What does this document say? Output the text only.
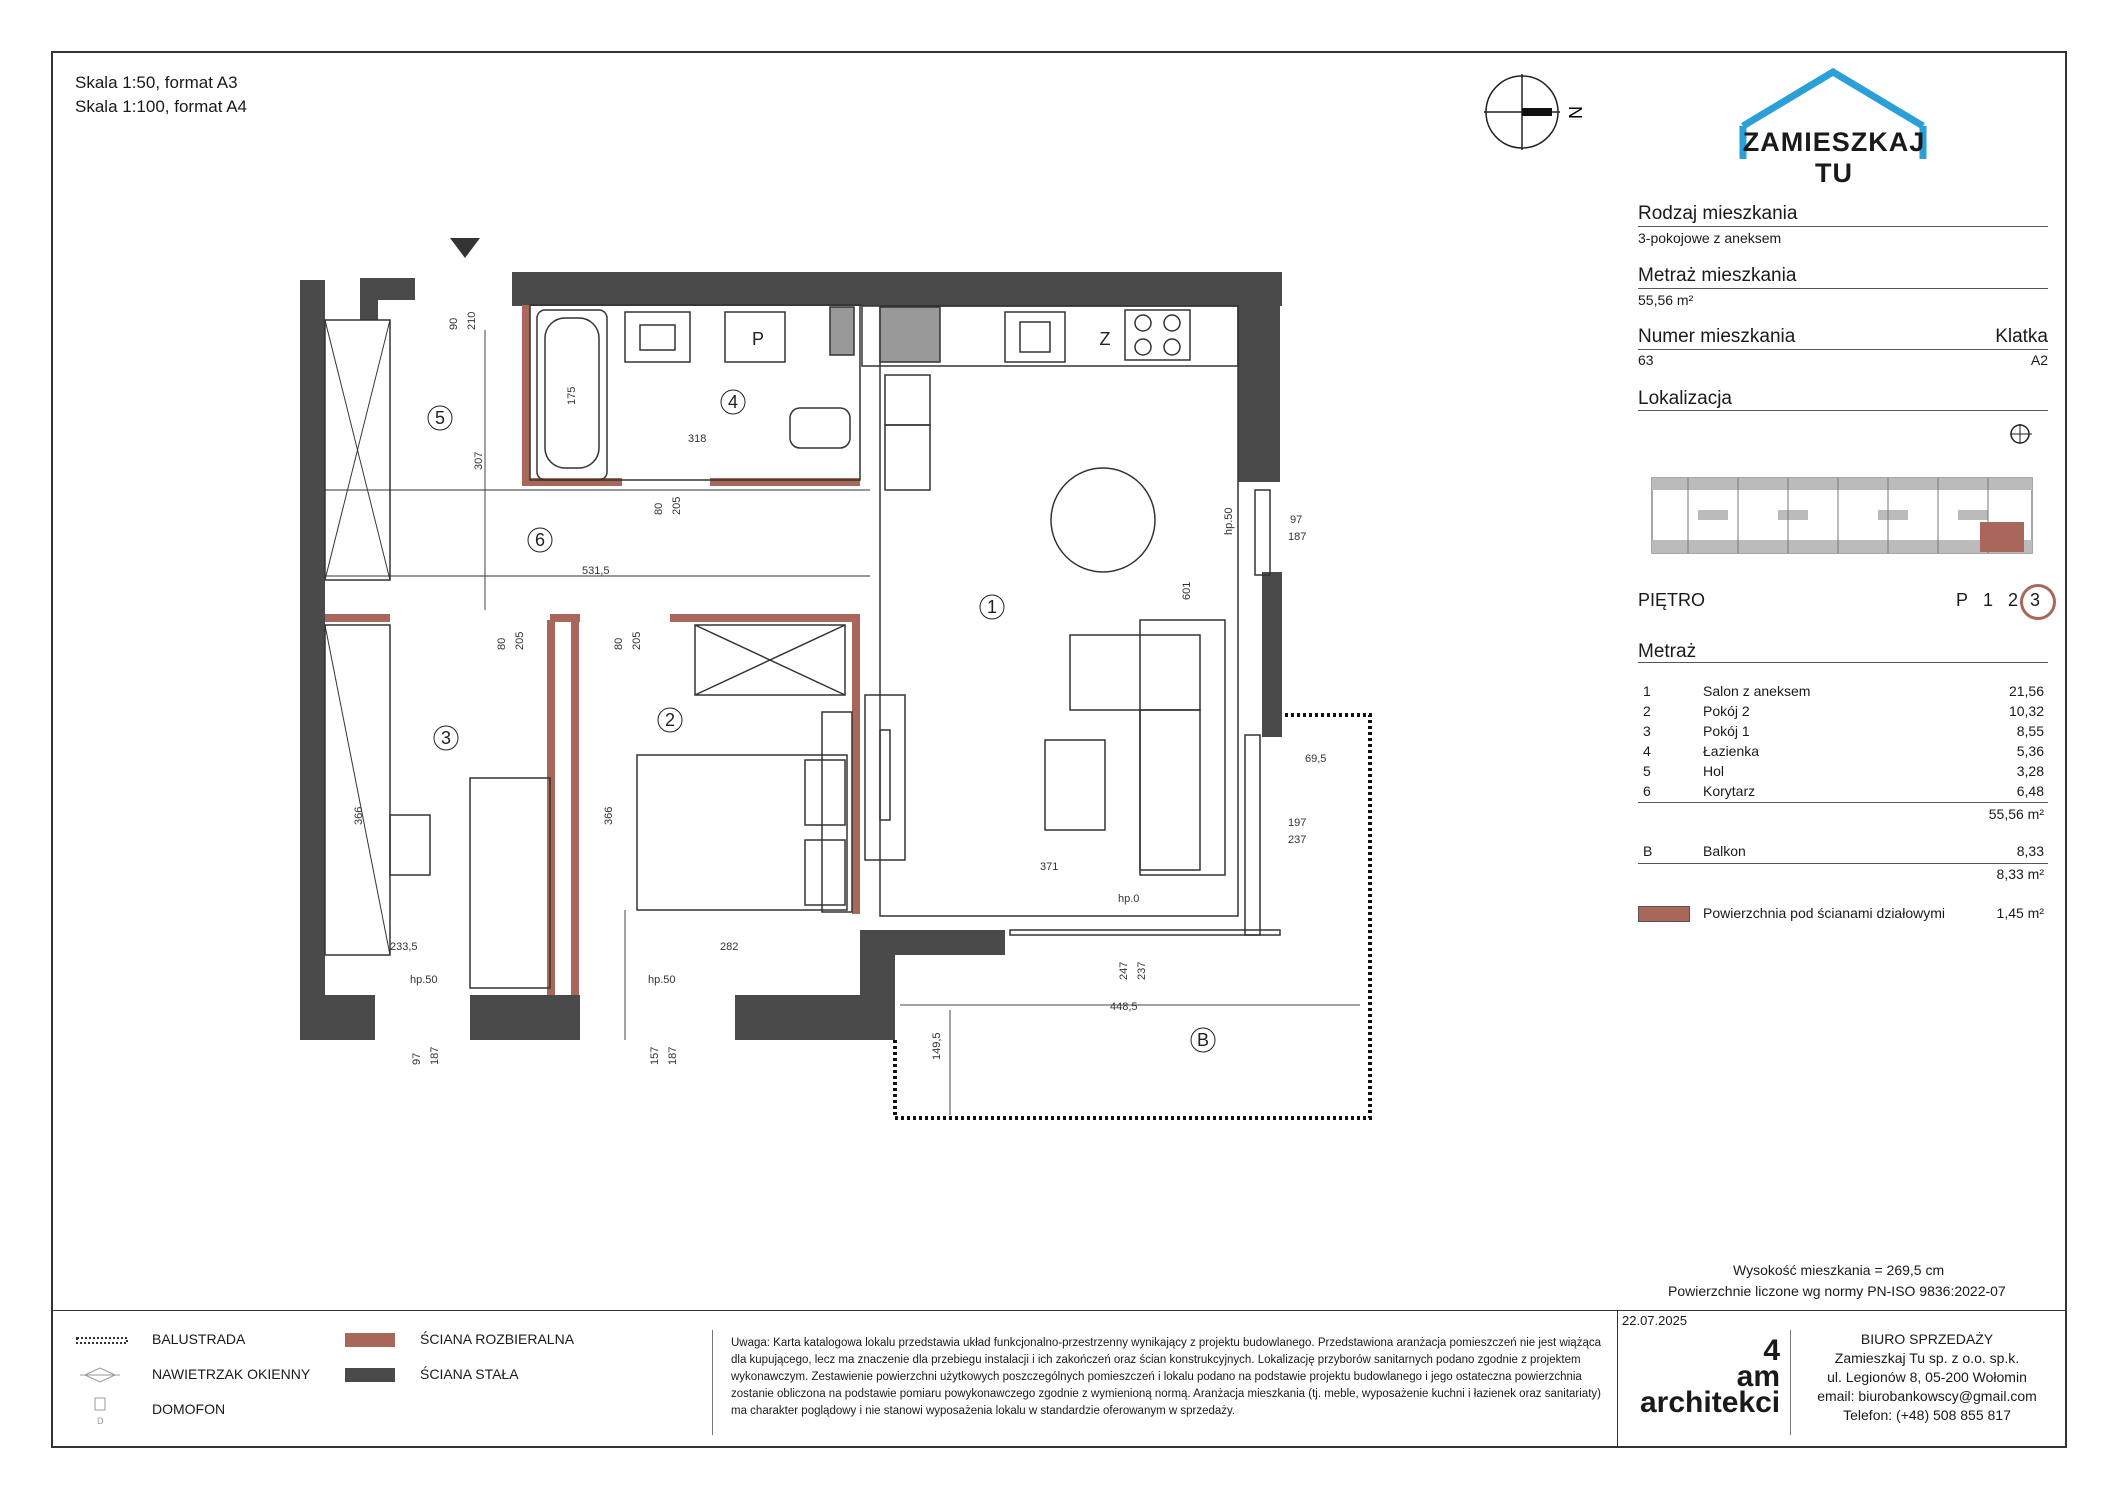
Skala 1:50, format A3
Skala 1:100, format A4	N
1
2
3
4
5
6
B
P	Z
90 210
175
318
307
80 205
531,5
80 205	80 205
601
hp.50	97
187
69,5
197
237
366	366
371
hp.0
233,5	282
247 237
hp.50	hp.50
97 187	157 187
448,5
149,5
ZAMIESZKAJ TU
Rodzaj mieszkania
3-pokojowe z aneksem
Metraż mieszkania
55,56 m²
Numer mieszkania	Klatka
63	A2
Lokalizacja
PIĘTRO	P 1 2 3
Metraż
1	Salon z aneksem	21,56
2	Pokój 2	10,32
3	Pokój 1	8,55
4	Łazienka	5,36
5	Hol	3,28
6	Korytarz	6,48
55,56 m²
B	Balkon	8,33
8,33 m²
Powierzchnia pod ścianami działowymi	1,45 m²
Wysokość mieszkania = 269,5 cm
Powierzchnie liczone wg normy PN-ISO 9836:2022-07
D
BALUSTRADA
NAWIETRZAK OKIENNY
DOMOFON
ŚCIANA ROZBIERALNA
ŚCIANA STAŁA
Uwaga: Karta katalogowa lokalu przedstawia układ funkcjonalno-przestrzenny wynikający z projektu budowlanego. Przedstawiona aranżacja pomieszczeń nie jest wiążąca dla kupującego, lecz ma znaczenie dla przebiegu instalacji i ich zakończeń oraz ścian konstrukcyjnych. Lokalizację przyborów sanitarnych podano zgodnie z projektem wykonawczym. Zestawienie powierzchni użytkowych poszczególnych pomieszczeń i lokalu podano na podstawie projektu budowlanego i jego ostateczna powierzchnia zostanie obliczona na podstawie pomiaru powykonawczego zgodnie z wymienioną normą. Aranżacja mieszkania (tj. meble, wyposażenie kuchni i łazienek oraz sanitariaty) ma charakter poglądowy i nie stanowi wyposażenia lokalu w standardzie oferowanym w sprzedaży.
22.07.2025
4
am
architekci
BIURO SPRZEDAŻY
Zamieszkaj Tu sp. z o.o. sp.k.
ul. Legionów 8, 05-200 Wołomin
email: biurobankowscy@gmail.com
Telefon: (+48) 508 855 817
